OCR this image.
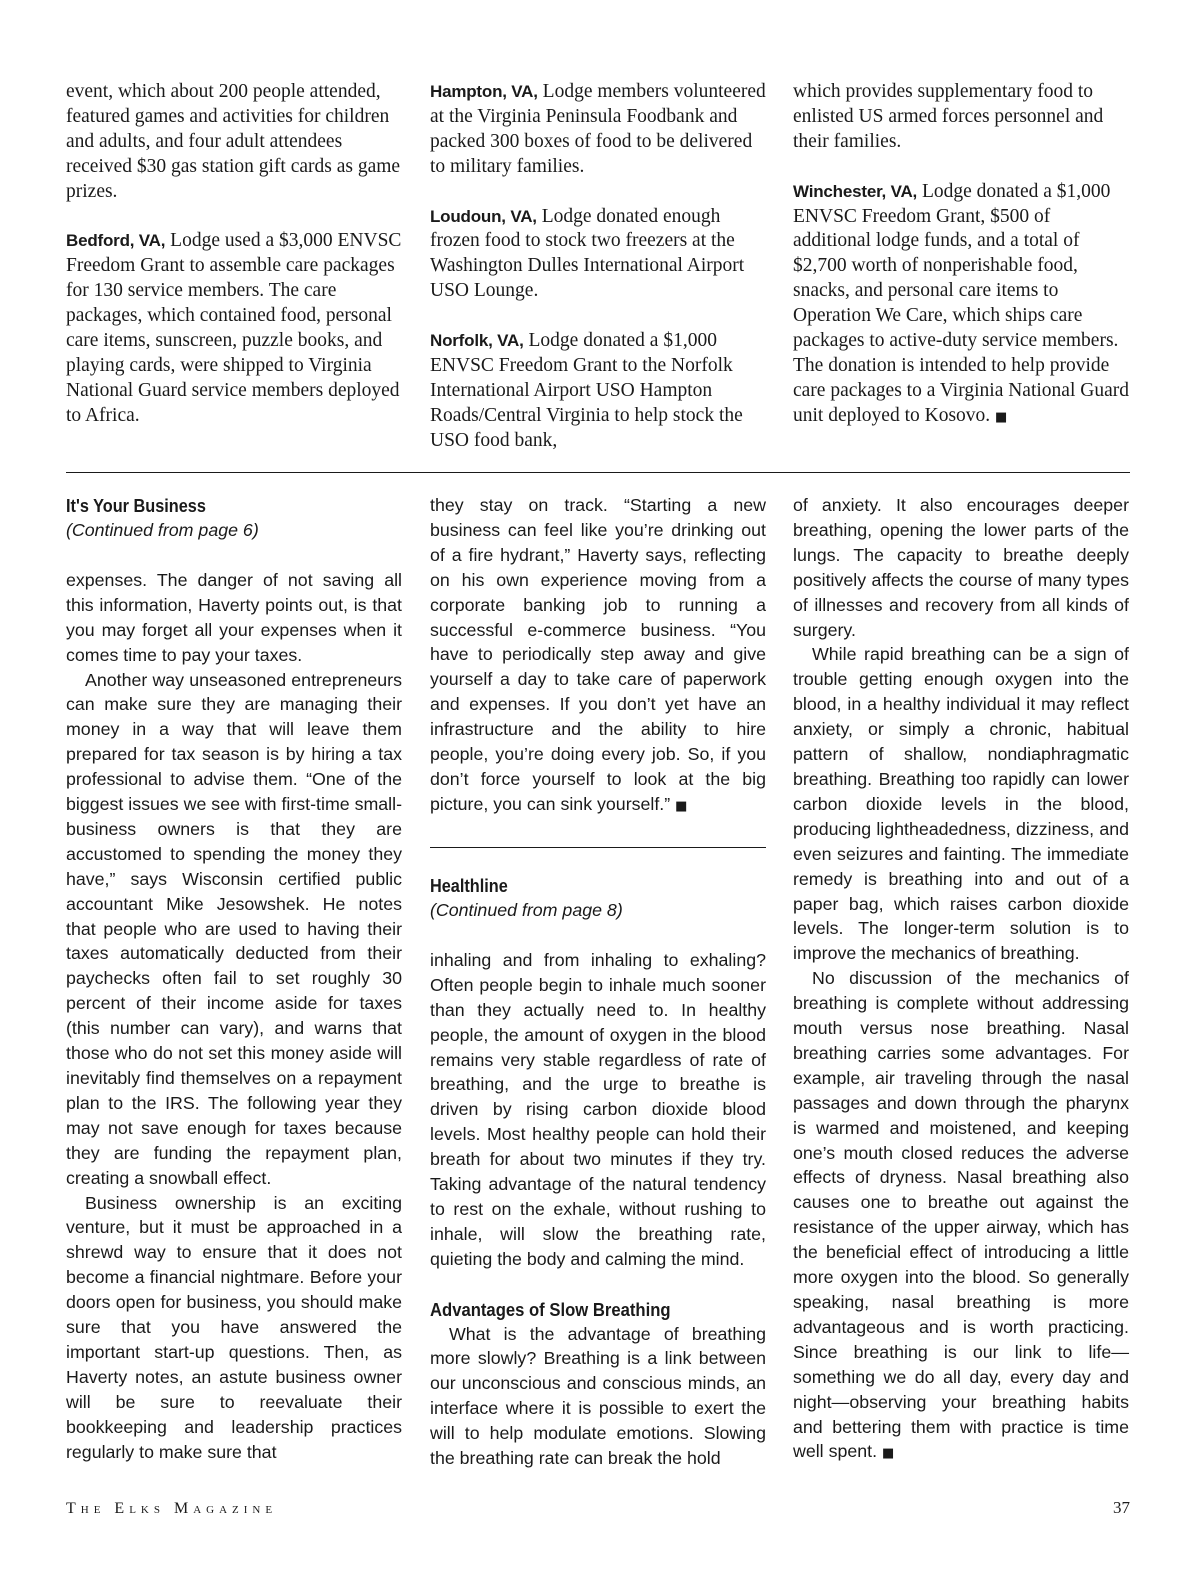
event, which about 200 people attended, featured games and activities for children and adults, and four adult attendees received $30 gas station gift cards as game prizes.

Bedford, VA, Lodge used a $3,000 ENVSC Freedom Grant to assemble care packages for 130 service members. The care packages, which contained food, personal care items, sunscreen, puzzle books, and playing cards, were shipped to Virginia National Guard service members deployed to Africa.

Hampton, VA, Lodge members volunteered at the Virginia Peninsula Foodbank and packed 300 boxes of food to be delivered to military families.

Loudoun, VA, Lodge donated enough frozen food to stock two freezers at the Washington Dulles International Airport USO Lounge.

Norfolk, VA, Lodge donated a $1,000 ENVSC Freedom Grant to the Norfolk International Airport USO Hampton Roads/Central Virginia to help stock the USO food bank,

which provides supplementary food to enlisted US armed forces personnel and their families.

Winchester, VA, Lodge donated a $1,000 ENVSC Freedom Grant, $500 of additional lodge funds, and a total of $2,700 worth of nonperishable food, snacks, and personal care items to Operation We Care, which ships care packages to active-duty service members. The donation is intended to help provide care packages to a Virginia National Guard unit deployed to Kosovo. ■

It's Your Business
(Continued from page 6)

expenses. The danger of not saving all this information, Haverty points out, is that you may forget all your expenses when it comes time to pay your taxes.

Another way unseasoned entrepreneurs can make sure they are managing their money in a way that will leave them prepared for tax season is by hiring a tax professional to advise them. “One of the biggest issues we see with first-time small-business owners is that they are accustomed to spending the money they have,” says Wisconsin certified public accountant Mike Jesowshek. He notes that people who are used to having their taxes automatically deducted from their paychecks often fail to set roughly 30 percent of their income aside for taxes (this number can vary), and warns that those who do not set this money aside will inevitably find themselves on a repayment plan to the IRS. The following year they may not save enough for taxes because they are funding the repayment plan, creating a snowball effect.

Business ownership is an exciting venture, but it must be approached in a shrewd way to ensure that it does not become a financial nightmare. Before your doors open for business, you should make sure that you have answered the important start-up questions. Then, as Haverty notes, an astute business owner will be sure to reevaluate their bookkeeping and leadership practices regularly to make sure that

they stay on track. “Starting a new business can feel like you’re drinking out of a fire hydrant,” Haverty says, reflecting on his own experience moving from a corporate banking job to running a successful e-commerce business. “You have to periodically step away and give yourself a day to take care of paperwork and expenses. If you don’t yet have an infrastructure and the ability to hire people, you’re doing every job. So, if you don’t force yourself to look at the big picture, you can sink yourself.” ■

Healthline
(Continued from page 8)

inhaling and from inhaling to exhaling? Often people begin to inhale much sooner than they actually need to. In healthy people, the amount of oxygen in the blood remains very stable regardless of rate of breathing, and the urge to breathe is driven by rising carbon dioxide blood levels. Most healthy people can hold their breath for about two minutes if they try. Taking advantage of the natural tendency to rest on the exhale, without rushing to inhale, will slow the breathing rate, quieting the body and calming the mind.

Advantages of Slow Breathing

What is the advantage of breathing more slowly? Breathing is a link between our unconscious and conscious minds, an interface where it is possible to exert the will to help modulate emotions. Slowing the breathing rate can break the hold

of anxiety. It also encourages deeper breathing, opening the lower parts of the lungs. The capacity to breathe deeply positively affects the course of many types of illnesses and recovery from all kinds of surgery.

While rapid breathing can be a sign of trouble getting enough oxygen into the blood, in a healthy individual it may reflect anxiety, or simply a chronic, habitual pattern of shallow, nondiaphragmatic breathing. Breathing too rapidly can lower carbon dioxide levels in the blood, producing lightheadedness, dizziness, and even seizures and fainting. The immediate remedy is breathing into and out of a paper bag, which raises carbon dioxide levels. The longer-term solution is to improve the mechanics of breathing.

No discussion of the mechanics of breathing is complete without addressing mouth versus nose breathing. Nasal breathing carries some advantages. For example, air traveling through the nasal passages and down through the pharynx is warmed and moistened, and keeping one’s mouth closed reduces the adverse effects of dryness. Nasal breathing also causes one to breathe out against the resistance of the upper airway, which has the beneficial effect of introducing a little more oxygen into the blood. So generally speaking, nasal breathing is more advantageous and is worth practicing. Since breathing is our link to life—something we do all day, every day and night—observing your breathing habits and bettering them with practice is time well spent. ■

The Elks Magazine	37
